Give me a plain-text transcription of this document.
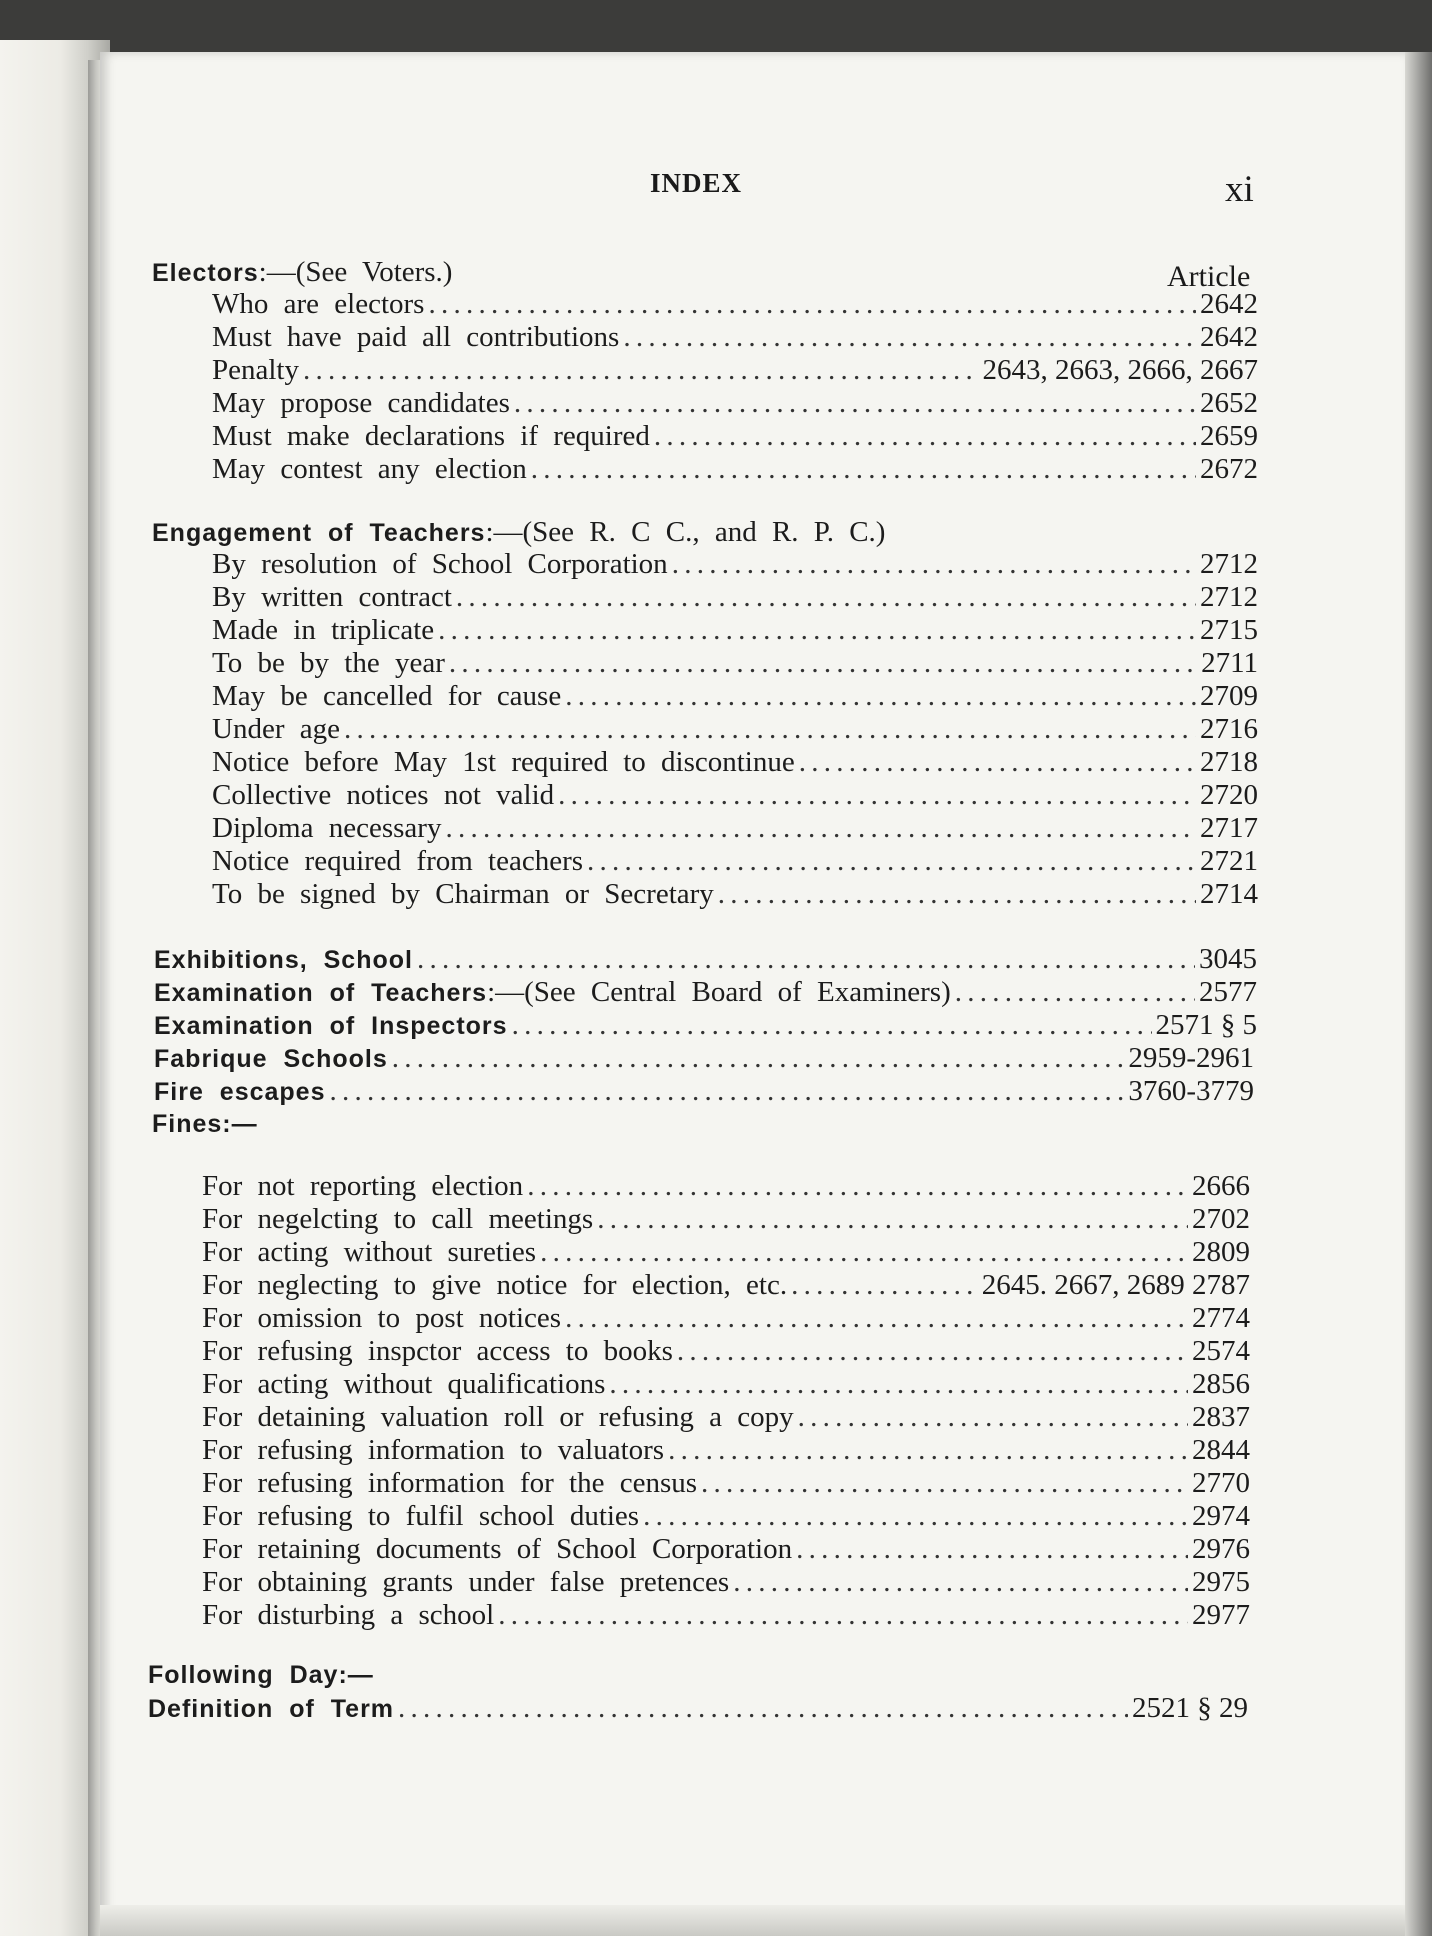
INDEX	xi
Article
Electors:—(See Voters.)
Who are electors . . .	2642
Must have paid all contributions . . .	2642
Penalty . . .	2643, 2663, 2666, 2667
May propose candidates . . .	2652
Must make declarations if required . . .	2659
May contest any election . . .	2672
Engagement of Teachers:—(See R. C C., and R. P. C.)
By resolution of School Corporation . . .	2712
By written contract . . .	2712
Made in triplicate . . .	2715
To be by the year . . .	2711
May be cancelled for cause . . .	2709
Under age . . .	2716
Notice before May 1st required to discontinue . . .	2718
Collective notices not valid . . .	2720
Diploma necessary . . .	2717
Notice required from teachers . . .	2721
To be signed by Chairman or Secretary . . .	2714
Exhibitions, School . . .	3045
Examination of Teachers:—(See Central Board of Examiners) . . .	2577
Examination of Inspectors . . .	2571 § 5
Fabrique Schools . . .	2959-2961
Fire escapes . . .	3760-3779
Fines:—
For not reporting election . . .	2666
For negelcting to call meetings . . .	2702
For acting without sureties . . .	2809
For neglecting to give notice for election, etc. . . .	2645. 2667, 2689 2787
For omission to post notices . . .	2774
For refusing inspctor access to books . . .	2574
For acting without qualifications . . .	2856
For detaining valuation roll or refusing a copy . . .	2837
For refusing information to valuators . . .	2844
For refusing information for the census . . .	2770
For refusing to fulfil school duties . . .	2974
For retaining documents of School Corporation . . .	2976
For obtaining grants under false pretences . . .	2975
For disturbing a school . . .	2977
Following Day:—
Definition of Term . . .	2521 § 29
